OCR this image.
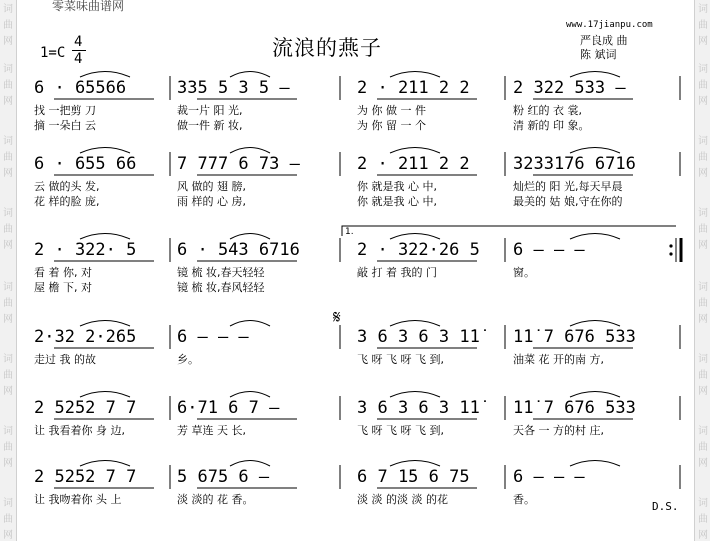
词	词
曲	曲
网	网
词	词
曲	曲
网	网
词	词
曲	曲
网	网
词	词
曲	曲
网	网
词	词
曲	曲
网	网
词	词
曲	曲
网	网
词	词
曲	曲
网	网
词	词
曲	曲
网	网
零菜味曲谱网
流浪的燕子
www.17jianpu.com
严良成 曲
陈 斌词
1=C
4
4
6 · 65566	335 5 3 5 –	2 · 211 2 2	2 322 533 –
找 一把剪 刀	裁一片 阳 光,	为 你 做 一 件	粉 红的 衣 裳,
摘 一朵白 云	做一件 新 妆,	为 你 留 一 个	清 新的 印 象。
6 · 655 66 7 777 6 73 –	2 · 211 2 2	3233176 6716
云 做的头 发,	风 做的 翅 膀,	你 就是我 心 中,	灿烂的 阳 光,每天早晨
花 样的脸 庞,	雨 样的 心 房,	你 就是我 心 中,	最美的 姑 娘,守在你的
2 · 322· 5 6 · 543 6716	2 · 322·26 5 6 – – –
看 着 你, 对	镜 梳 妆,春天轻轻	敲 打 着 我的 门	窗。
屋 檐 下, 对	镜 梳 妆,春风轻轻
2·32 2·265 6 – – –	3 6 3 6 3 1̇1̇ 1̇1̇ 7 676 533
走过 我 的故	乡。	飞 呀 飞 呀 飞 到,	油菜 花 开的南 方,
2 5252 7 7 6·7̇1 6 7 –	3 6 3 6 3 1̇1̇ 1̇1̇ 7 676 533
让 我看着你 身 边,	芳 草连 天 长,	飞 呀 飞 呀 飞 到,	天各 一 方的村 庄,
2 5252 7 7 5 675 6 –	6 7 1̇5 6 75	6 – – –
让 我吻着你 头 上	淡 淡的 花 香。	淡 淡 的淡 淡 的花	香。
D.S.
1.
𝄋
